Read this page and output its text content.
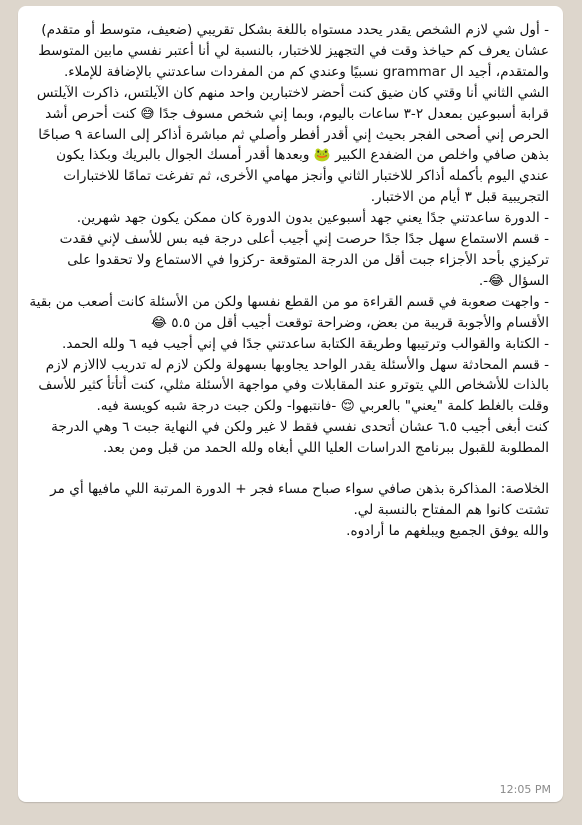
- أول شي لازم الشخص يقدر يحدد مستواه باللغة بشكل تقريبي (ضعيف، متوسط أو متقدم) عشان يعرف كم حياخذ وقت في التجهيز للاختبار، بالنسبة لي أنا أعتبر نفسي مابين المتوسط والمتقدم، أجيد ال grammar نسبيًا وعندي كم من المفردات ساعدتني بالإضافة للإملاء.

الشي الثاني أنا وقتي كان ضيق كنت أحضر لاختبارين واحد منهم كان الآيلتس، ذاكرت الآيلتس قرابة أسبوعين بمعدل ٢-٣ ساعات باليوم، وبما إني شخص مسوف جدًا 😅 كنت أحرص أشد الحرص إني أصحى الفجر بحيث إني أقدر أفطر وأصلي ثم مباشرة أذاكر إلى الساعة ٩ صباحًا بذهن صافي واخلص من الضفدع الكبير 🐸 وبعدها أقدر أمسك الجوال بالبريك وبكذا يكون عندي اليوم بأكمله أذاكر للاختبار الثاني وأنجز مهامي الأخرى، ثم تفرغت تمامًا للاختبارات التجريبية قبل ٣ أيام من الاختبار.

- الدورة ساعدتني جدًا يعني جهد أسبوعين بدون الدورة كان ممكن يكون جهد شهرين.

- قسم الاستماع سهل جدًا جدًا حرصت إني أجيب أعلى درجة فيه بس للأسف لإني فقدت تركيزي بأحد الأجزاء جبت أقل من الدرجة المتوقعة -ركزوا في الاستماع ولا تحقدوا على السؤال 😂-.

- واجهت صعوبة في قسم القراءة مو من القطع نفسها ولكن من الأسئلة كانت أصعب من بقية الأقسام والأجوبة قريبة من بعض، وضراحة توقعت أجيب أقل من ٥.٥ 😂

- الكتابة والقوالب وترتيبها وطريقة الكتابة ساعدتني جدًا في إني أجيب فيه ٦ ولله الحمد.

- قسم المحادثة سهل والأسئلة يقدر الواحد يجاوبها بسهولة ولكن لازم له تدريب لاالازم لازم بالذات للأشخاص اللي يتوترو عند المقابلات وفي مواجهة الأسئلة مثلي، كنت أتأتأ كثير للأسف وقلت بالغلط كلمة "يعني" بالعربي 😌 -فانتبهوا- ولكن جبت درجة شبه كويسة فيه.

كنت أبغى أجيب ٦.٥ عشان أتحدى نفسي فقط لا غير ولكن في النهاية جبت ٦ وهي الدرجة المطلوبة للقبول ببرنامج الدراسات العليا اللي أبغاه ولله الحمد من قبل ومن بعد.

الخلاصة: المذاكرة بذهن صافي سواء صباح مساء فجر + الدورة المرتبة اللي مافيها أي مر تشتت كانوا هم المفتاح بالنسبة لي.

والله يوفق الجميع ويبلغهم ما أرادوه.

12:05 PM
